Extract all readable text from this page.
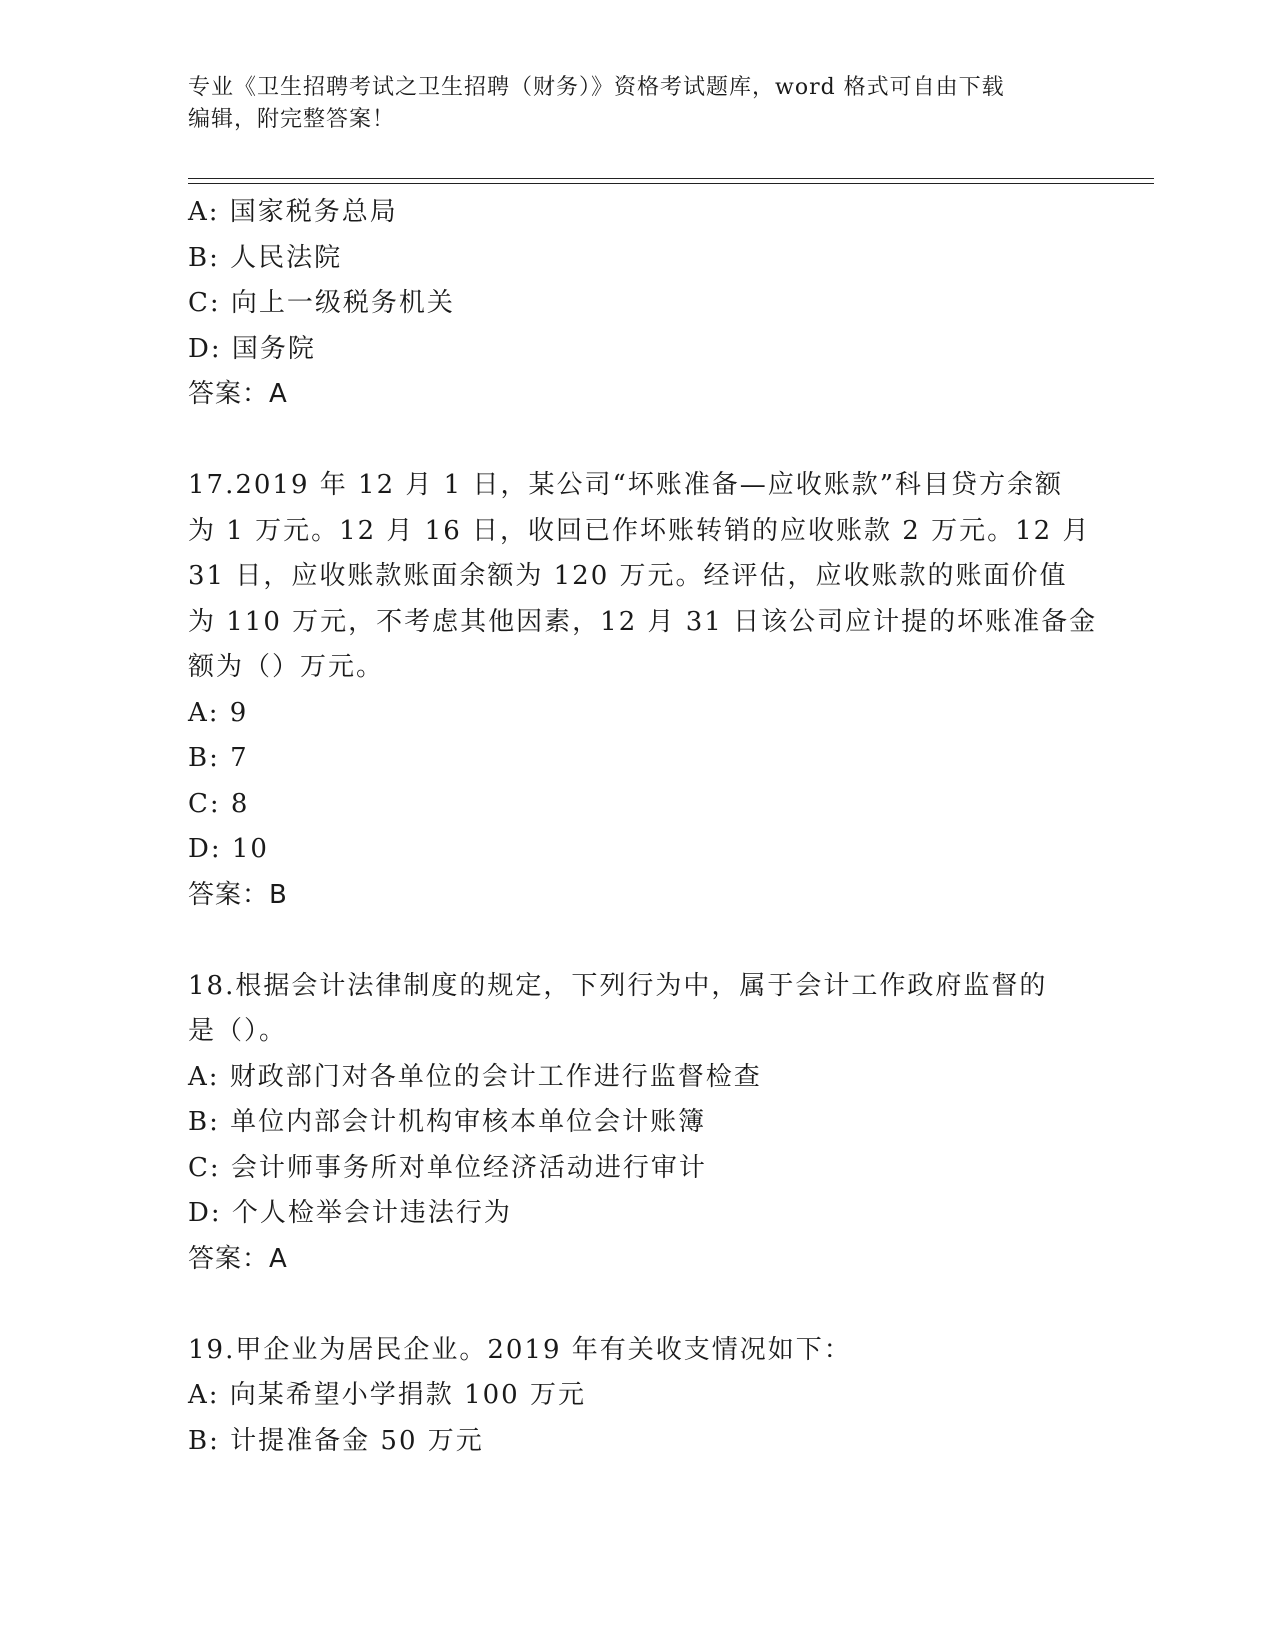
专业《卫生招聘考试之卫生招聘（财务）》资格考试题库，word 格式可自由下载
编辑，附完整答案！
A: 国家税务总局
B: 人民法院
C: 向上一级税务机关
D: 国务院
答案：A
17.2019 年 12 月 1 日，某公司“坏账准备—应收账款”科目贷方余额
为 1 万元。12 月 16 日，收回已作坏账转销的应收账款 2 万元。12 月
31 日，应收账款账面余额为 120 万元。经评估，应收账款的账面价值
为 110 万元，不考虑其他因素，12 月 31 日该公司应计提的坏账准备金
额为（）万元。
A: 9
B: 7
C: 8
D: 10
答案：B
18.根据会计法律制度的规定，下列行为中，属于会计工作政府监督的
是（）。
A: 财政部门对各单位的会计工作进行监督检查
B: 单位内部会计机构审核本单位会计账簿
C: 会计师事务所对单位经济活动进行审计
D: 个人检举会计违法行为
答案：A
19.甲企业为居民企业。2019 年有关收支情况如下：
A: 向某希望小学捐款 100 万元
B: 计提准备金 50 万元
